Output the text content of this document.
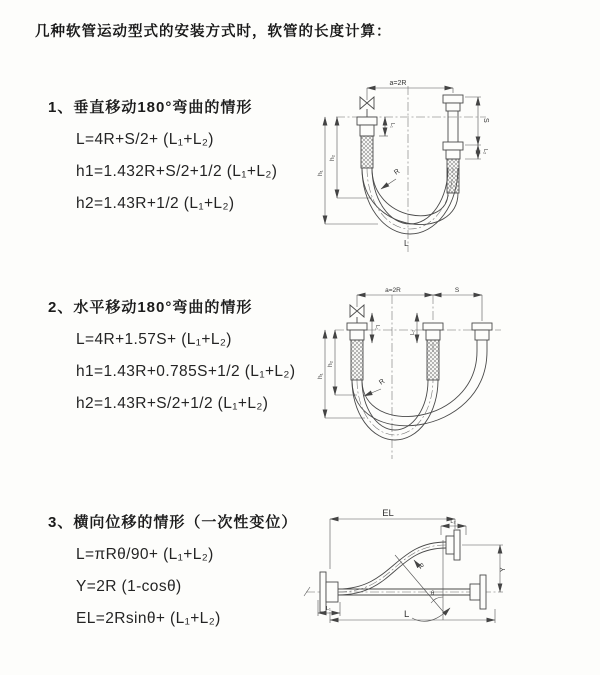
几种软管运动型式的安装方式时，软管的长度计算：
1、垂直移动180°弯曲的情形
L=4R+S/2+ (L₁+L₂)
h1=1.432R+S/2+1/2 (L₁+L₂)
h2=1.43R+1/2 (L₁+L₂)
2、水平移动180°弯曲的情形
L=4R+1.57S+ (L₁+L₂)
h1=1.43R+0.785S+1/2 (L₁+L₂)
h2=1.43R+S/2+1/2 (L₁+L₂)
3、横向位移的情形（一次性变位）
L=πRθ/90+ (L₁+L₂)
Y=2R (1-cosθ)
EL=2Rsinθ+ (L₁+L₂)
a=2R
L₁
S
L₂
h₁
h₂
R
L
a=2R	S
L₁
L₂
h₁
h₂
R
EL
L₂
Y
θ
R
L₁	L
